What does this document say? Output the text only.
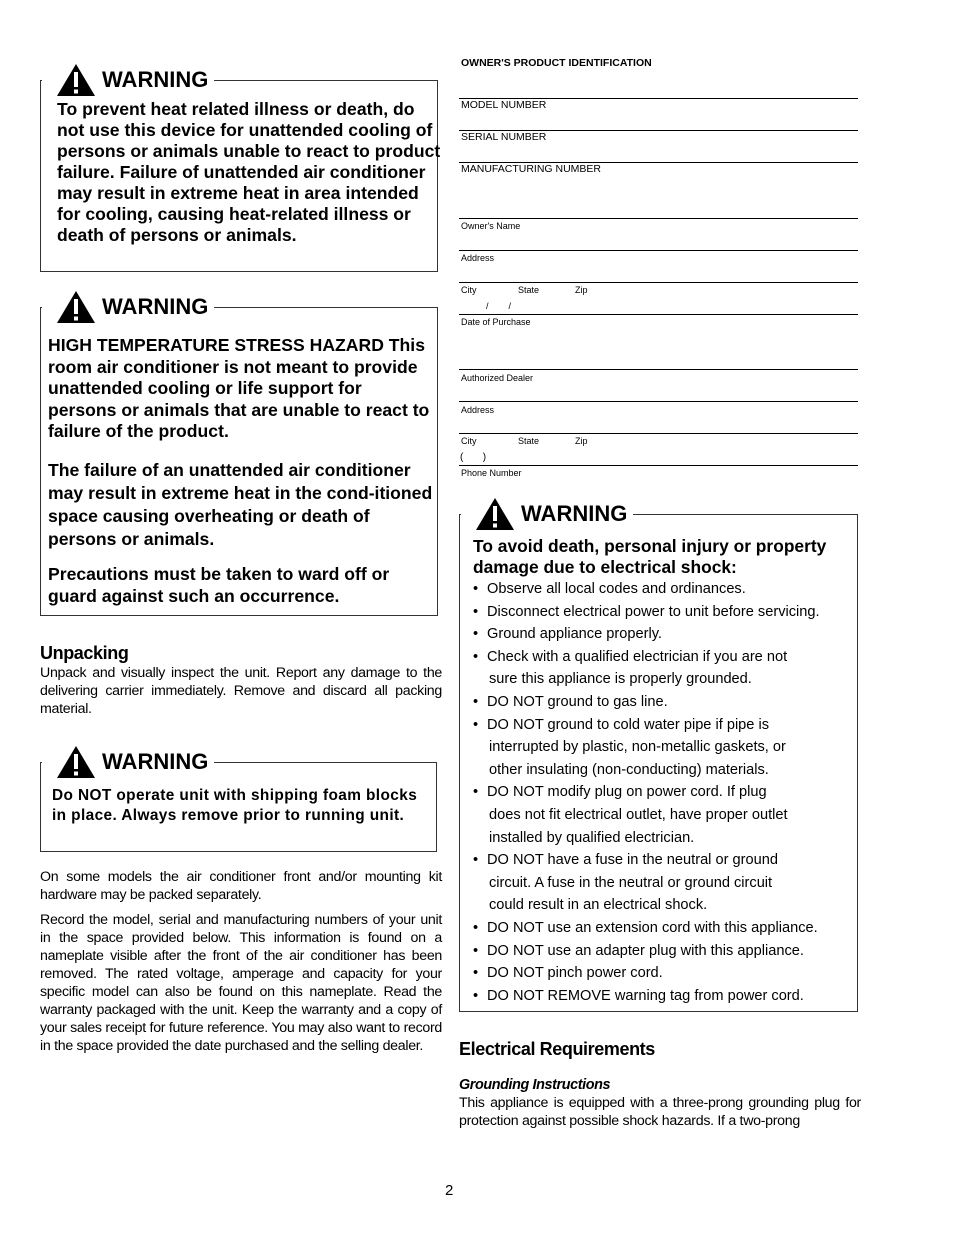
WARNING
To prevent heat related illness or death, do not use this device for unattended cooling of persons or animals unable to react to product failure. Failure of unattended air conditioner may result in extreme heat in area intended for cooling, causing heat-related illness or death of persons or animals.
WARNING
HIGH TEMPERATURE STRESS HAZARD This room air conditioner is not meant to provide unattended cooling or life support for persons or animals that are unable to react to failure of the product.
The failure of an unattended air conditioner may result in extreme heat in the cond-itioned space causing overheating or death of persons or animals.
Precautions must be taken to ward off or guard against such an occurrence.
Unpacking
Unpack and visually inspect the unit. Report any damage to the delivering carrier immediately. Remove and discard all packing material.
WARNING
Do NOT operate unit with shipping foam blocks in place. Always remove prior to running unit.
On some models the air conditioner front and/or mounting kit hardware may be packed separately.
Record the model, serial and manufacturing numbers of your unit in the space provided below. This information is found on a nameplate visible after the front of the air conditioner has been removed. The rated voltage, amperage and capacity for your specific model can also be found on this nameplate. Read the warranty packaged with the unit. Keep the warranty and a copy of your sales receipt for future reference. You may also want to record in the space provided the date purchased and the selling dealer.
OWNER'S PRODUCT IDENTIFICATION
MODEL NUMBER
SERIAL NUMBER
MANUFACTURING NUMBER
Owner's Name
Address
City	State	Zip
/        /
Date of Purchase
Authorized Dealer
Address
City	State	Zip
(       )
Phone Number
WARNING
To avoid death, personal injury or property damage due to electrical shock:
• Observe all local codes and ordinances.
• Disconnect electrical power to unit before servicing.
• Ground appliance properly.
• Check with a qualified electrician if you are not
sure this appliance is properly grounded.
• DO NOT ground to gas line.
• DO NOT ground to cold water pipe if pipe is
interrupted by plastic, non-metallic gaskets, or
other insulating (non-conducting) materials.
• DO NOT modify plug on power cord. If plug
does not fit electrical outlet, have proper outlet
installed by qualified electrician.
• DO NOT have a fuse in the neutral or ground
circuit. A fuse in the neutral or ground circuit
could result in an electrical shock.
• DO NOT use an extension cord with this appliance.
• DO NOT use an adapter plug with this appliance.
• DO NOT pinch power cord.
• DO NOT REMOVE warning tag from power cord.
Electrical Requirements
Grounding Instructions
This appliance is equipped with a three-prong grounding plug for protection against possible shock hazards. If a two-prong
2
